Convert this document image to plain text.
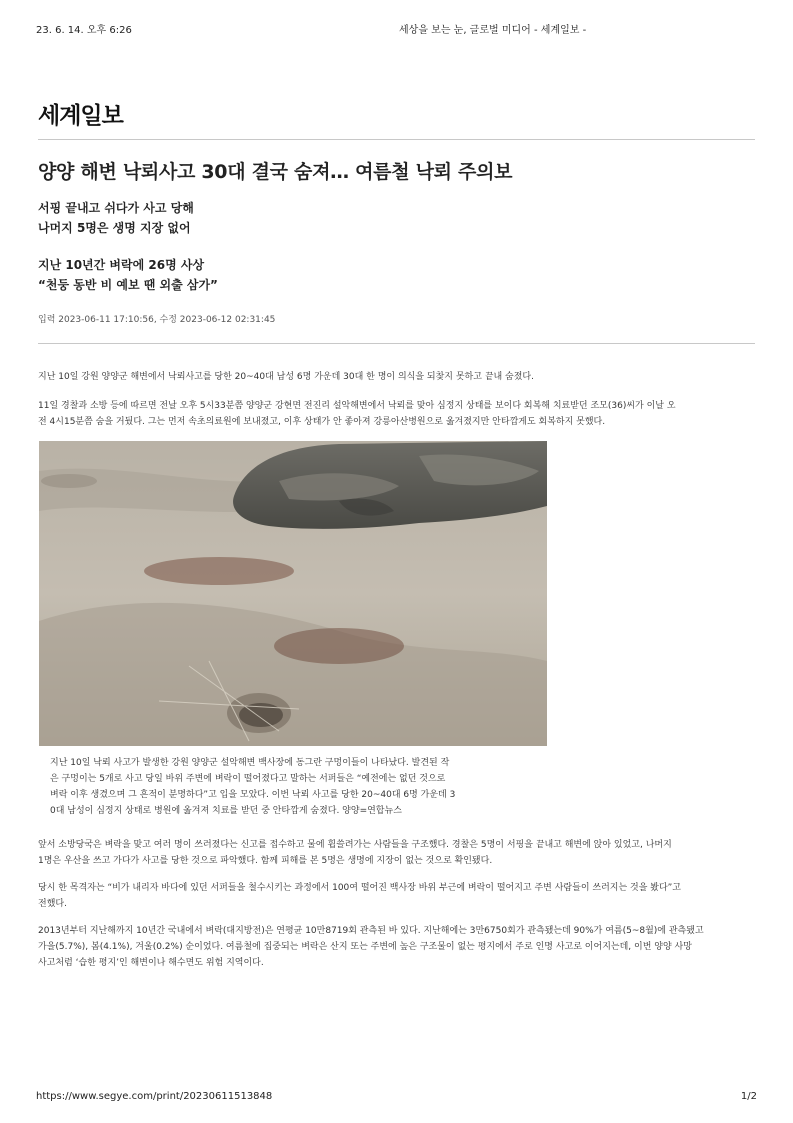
23. 6. 14. 오후 6:26	세상을 보는 눈, 글로벌 미디어 - 세계일보 -
세계일보
양양 해변 낙뢰사고 30대 결국 숨져… 여름철 낙뢰 주의보
서핑 끝내고 쉬다가 사고 당해
나머지 5명은 생명 지장 없어
지난 10년간 벼락에 26명 사상
“천둥 동반 비 예보 땐 외출 삼가”
입력 2023-06-11 17:10:56, 수정 2023-06-12 02:31:45
지난 10일 강원 양양군 해변에서 낙뢰사고를 당한 20~40대 남성 6명 가운데 30대 한 명이 의식을 되찾지 못하고 끝내 숨졌다.
11일 경찰과 소방 등에 따르면 전날 오후 5시33분쯤 양양군 강현면 전진리 설악해변에서 낙뢰를 맞아 심정지 상태를 보이다 회복해 치료받던 조모(36)씨가 이날 오
전 4시15분쯤 숨을 거뒀다. 그는 먼저 속초의료원에 보내졌고, 이후 상태가 안 좋아져 강릉아산병원으로 옮겨졌지만 안타깝게도 회복하지 못했다.
지난 10일 낙뢰 사고가 발생한 강원 양양군 설악해변 백사장에 동그란 구멍이들이 나타났다. 발견된 작
은 구멍이는 5개로 사고 당일 바위 주변에 벼락이 떨어졌다고 말하는 서퍼들은 “예전에는 없던 것으로
벼락 이후 생겼으며 그 흔적이 분명하다”고 입을 모았다. 이번 낙뢰 사고를 당한 20~40대 6명 가운데 3
0대 남성이 심정지 상태로 병원에 옮겨져 치료를 받던 중 안타깝게 숨졌다. 양양=연합뉴스
앞서 소방당국은 벼락을 맞고 여러 명이 쓰러졌다는 신고를 접수하고 물에 휩쓸려가는 사람들을 구조했다. 경찰은 5명이 서핑을 끝내고 해변에 앉아 있었고, 나머지
1명은 우산을 쓰고 가다가 사고를 당한 것으로 파악했다. 함께 피해를 본 5명은 생명에 지장이 없는 것으로 확인됐다.
당시 한 목격자는 “비가 내리자 바다에 있던 서퍼들을 철수시키는 과정에서 100여 떨어진 백사장 바위 부근에 벼락이 떨어지고 주변 사람들이 쓰러지는 것을 봤다”고
전했다.
2013년부터 지난해까지 10년간 국내에서 벼락(대지방전)은 연평균 10만8719회 관측된 바 있다. 지난해에는 3만6750회가 관측됐는데 90%가 여름(5~8월)에 관측됐고
가을(5.7%), 봄(4.1%), 겨울(0.2%) 순이었다. 여름철에 집중되는 벼락은 산지 또는 주변에 높은 구조물이 없는 평지에서 주로 인명 사고로 이어지는데, 이번 양양 사망
사고처럼 ‘습한 평지’인 해변이나 해수면도 위험 지역이다.
https://www.segye.com/print/20230611513848	1/2
